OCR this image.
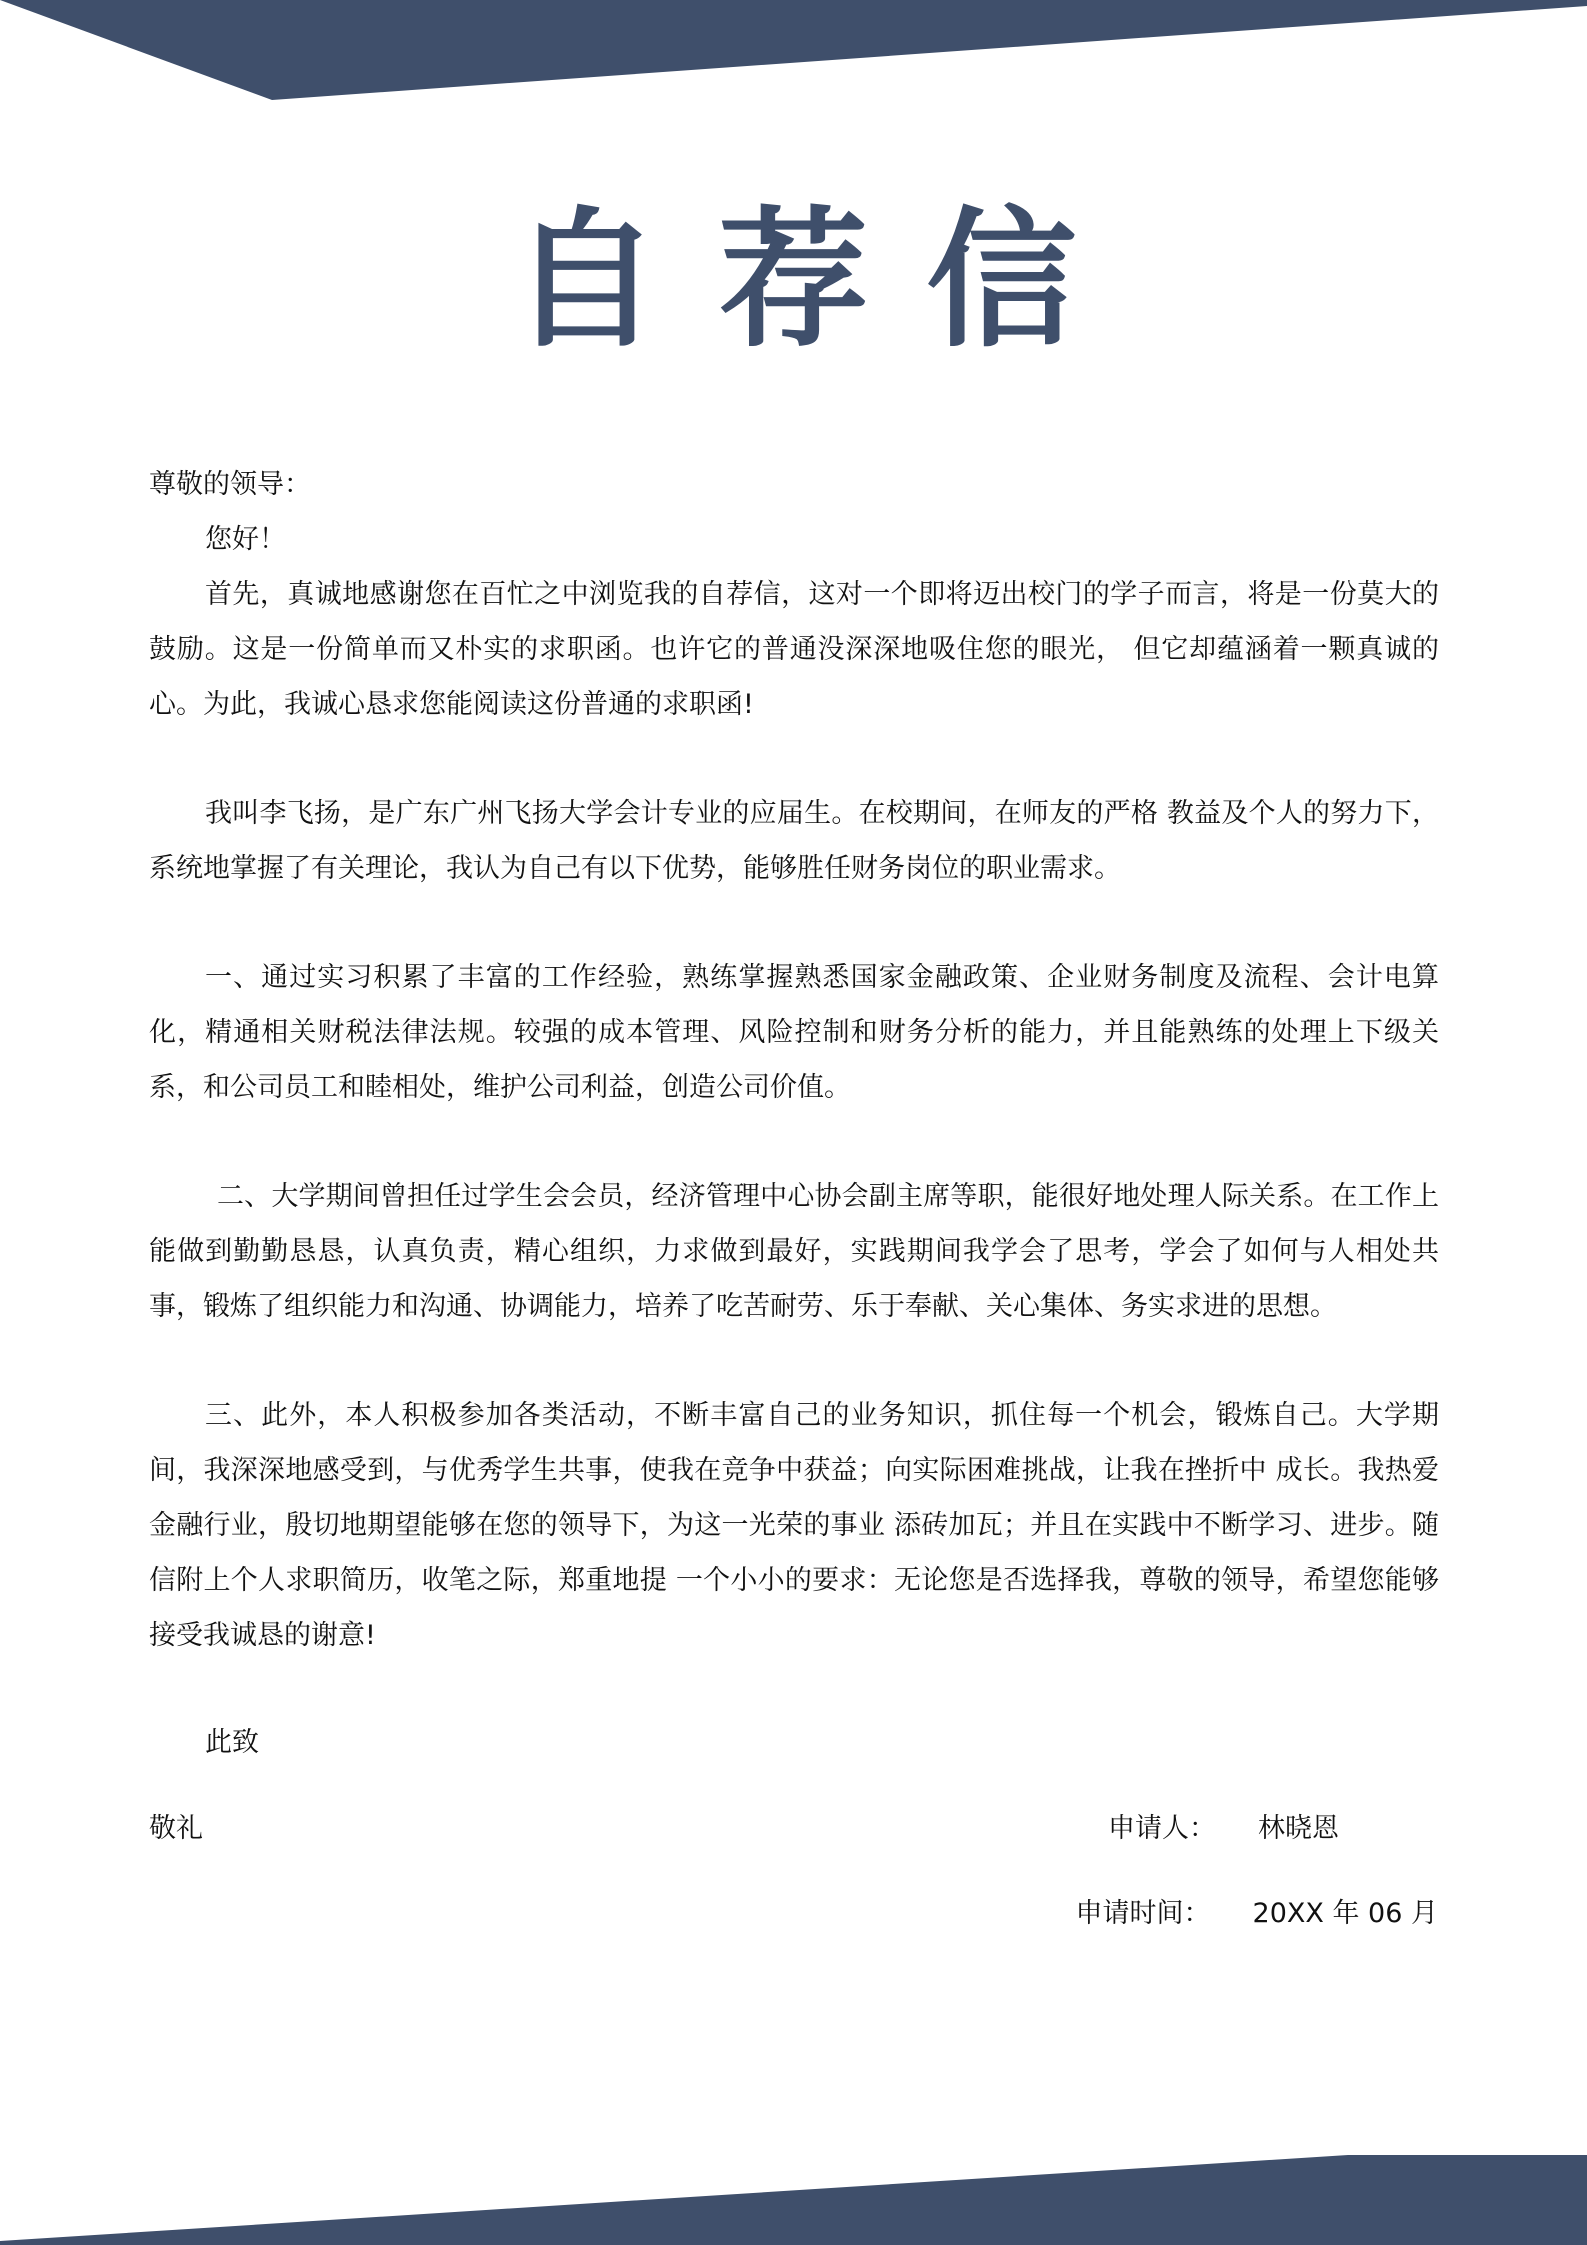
自荐信

尊敬的领导：

您好！

首先，真诚地感谢您在百忙之中浏览我的自荐信，这对一个即将迈出校门的学子而言，将是一份莫大的鼓励。这是一份简单而又朴实的求职函。也许它的普通没深深地吸住您的眼光， 但它却蕴涵着一颗真诚的心。为此，我诚心恳求您能阅读这份普通的求职函!

我叫李飞扬，是广东广州飞扬大学会计专业的应届生。在校期间，在师友的严格 教益及个人的努力下，系统地掌握了有关理论，我认为自己有以下优势，能够胜任财务岗位的职业需求。

一、通过实习积累了丰富的工作经验，熟练掌握熟悉国家金融政策、企业财务制度及流程、会计电算化，精通相关财税法律法规。较强的成本管理、风险控制和财务分析的能力，并且能熟练的处理上下级关系，和公司员工和睦相处，维护公司利益，创造公司价值。

二、大学期间曾担任过学生会会员，经济管理中心协会副主席等职，能很好地处理人际关系。在工作上能做到勤勤恳恳，认真负责，精心组织，力求做到最好，实践期间我学会了思考，学会了如何与人相处共事，锻炼了组织能力和沟通、协调能力，培养了吃苦耐劳、乐于奉献、关心集体、务实求进的思想。

三、此外，本人积极参加各类活动，不断丰富自己的业务知识，抓住每一个机会，锻炼自己。大学期间，我深深地感受到，与优秀学生共事，使我在竞争中获益；向实际困难挑战，让我在挫折中 成长。我热爱金融行业，殷切地期望能够在您的领导下，为这一光荣的事业 添砖加瓦；并且在实践中不断学习、进步。随信附上个人求职简历，收笔之际，郑重地提 一个小小的要求：无论您是否选择我，尊敬的领导，希望您能够接受我诚恳的谢意!

此致
敬礼	申请人： 林晓恩
申请时间： 20XX 年 06 月
